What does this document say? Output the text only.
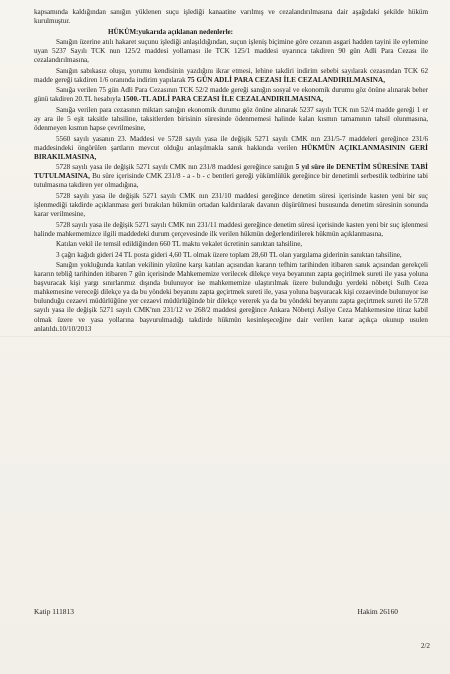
kapsamında kaldığından sanığın yüklenen suçu işlediği kanaatine varılmış ve cezalandırılmasına dair aşağıdaki şekilde hüküm kurulmuştur.

HÜKÜM:yukarıda açıklanan nedenlerle:

Sanığın üzerine atılı hakaret suçunu işlediği anlaşıldığından, suçun işleniş biçimine göre cezanın asgari hadden tayini ile eylemine uyan 5237 Sayılı TCK nun 125/2 maddesi yollaması ile TCK 125/1 maddesi uyarınca takdiren 90 gün Adli Para Cezası ile cezalandırılmasına,

Sanığın sabıkasız oluşu, yorumu kendisinin yazdığını ikrar etmesi, lehine takdiri indirim sebebi sayılarak cezasından TCK 62 madde gereği takdiren 1/6 oranında indirim yapılarak 75 GÜN ADLİ PARA CEZASI İLE CEZALANDIRILMASINA,

Sanığa verilen 75 gün Adli Para Cezasının TCK 52/2 madde gereği sanığın sosyal ve ekonomik durumu göz önüne alınarak beher günü takdiren 20.TL hesabıyla 1500.-TL ADLİ PARA CEZASI İLE CEZALANDIRILMASINA,

Sanığa verilen para cezasının miktarı sanığın ekonomik durumu göz önüne alınarak 5237 sayılı TCK nın 52/4 madde gereği 1 er ay ara ile 5 eşit taksitle tahsiline, taksitlerden birisinin süresinde ödenmemesi halinde kalan kısmın tamamının tahsil olunmasına, ödenmeyen kısmın hapse çevrilmesine,

5560 sayılı yasanın 23. Maddesi ve 5728 sayılı yasa ile değişik 5271 sayılı CMK nın 231/5-7 maddeleri gereğince 231/6 maddesindeki öngörülen şartların mevcut olduğu anlaşılmakla sanık hakkında verilen HÜKMÜN AÇIKLANMASININ GERİ BIRAKILMASINA,

5728 sayılı yasa ile değişik 5271 sayılı CMK nın 231/8 maddesi gereğince sanığın 5 yıl süre ile DENETİM SÜRESİNE TABİ TUTULMASINA, Bu süre içerisinde CMK 231/8 - a - b - c bentleri gereği yükümlülük gereğince bir denetimli serbestlik tedbirine tabi tutulmasına takdiren yer olmadığına,

5728 sayılı yasa ile değişik 5271 sayılı CMK nın 231/10 maddesi gereğince denetim süresi içerisinde kasten yeni bir suç işlenmediği takdirde açıklanması geri bırakılan hükmün ortadan kaldırılarak davanın düşürülmesi hususunda denetim süresinin sonunda karar verilmesine,

5728 sayılı yasa ile değişik 5271 sayılı CMK nın 231/11 maddesi gereğince denetim süresi içerisinde kasten yeni bir suç işlenmesi halinde mahkememizce ilgili maddedeki durum çerçevesinde ilk verilen hükmün değerlendirilerek hükmün açıklanmasına,

Katılan vekil ile temsil edildiğinden 660 TL maktu vekalet ücretinin sanıktan tahsiline,

3 çağrı kağıdı gideri 24 TL posta gideri 4,60 TL olmak üzere toplam 28,60 TL olan yargılama giderinin sanıktan tahsiline,

Sanığın yokluğunda katılan vekilinin yüzüne karşı katılan açısından kararın tefhim tarihinden itibaren sanık açısından gerekçeli kararın tebliğ tarihinden itibaren 7 gün içerisinde Mahkememize verilecek dilekçe veya beyanının zapta geçirilmek sureti ile yasa yoluna başvuracak kişi yargı sınırlarımız dışında bulunuyor ise mahkememize ulaştırılmak üzere bulunduğu yerdeki nöbetçi Sulh Ceza mahkemesine vereceği dilekçe ya da bu yöndeki beyanını zapta geçirtmek sureti ile, yasa yoluna başvuracak kişi cezaevinde bulunuyor ise bulunduğu cezaevi müdürlüğüne yer cezaevi müdürlüğünde bir dilekçe vererek ya da bu yöndeki beyanını zapta geçirtmek sureti ile 5728 sayılı yasa ile değişik 5271 sayılı CMK'nın 231/12 ve 268/2 maddesi gereğince Ankara Nöbetçi Asliye Ceza Mahkemesine itiraz kabil olmak üzere ve yasa yollarına başvurulmadığı takdirde hükmün kesinleşeceğine dair verilen karar açıkça okunup usulen anlatıldı.10/10/2013

Katip 111813	Hakim 26160
2/2
